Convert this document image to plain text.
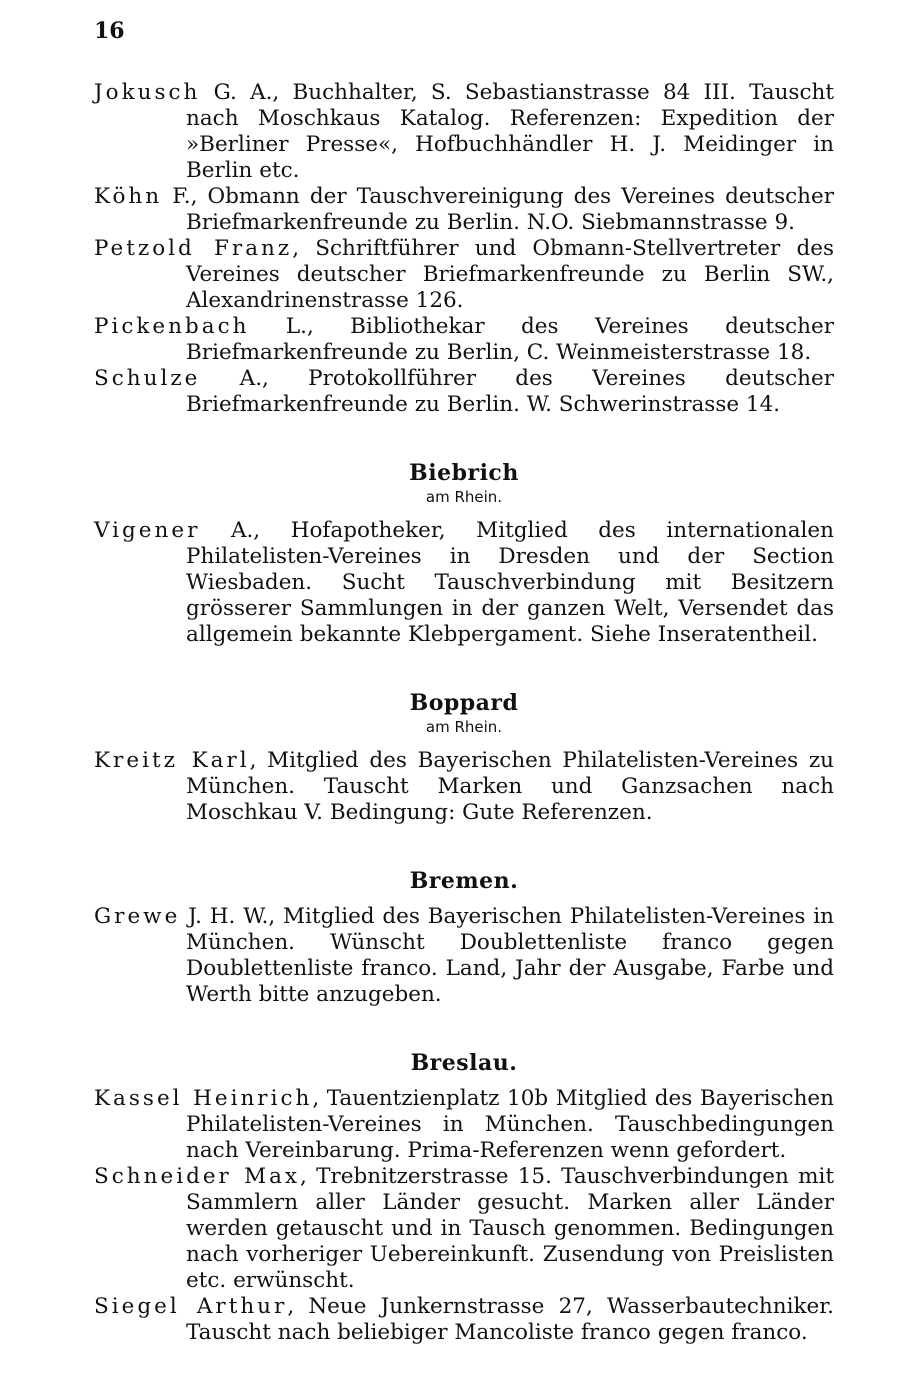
16

Jokusch G. A., Buchhalter, S. Sebastianstrasse 84 III. Tauscht nach Moschkaus Katalog. Referenzen: Expedition der »Berliner Presse«, Hofbuchhändler H. J. Meidinger in Berlin etc.

Köhn F., Obmann der Tauschvereinigung des Vereines deutscher Briefmarkenfreunde zu Berlin. N.O. Siebmannstrasse 9.

Petzold Franz, Schriftführer und Obmann-Stellvertreter des Vereines deutscher Briefmarkenfreunde zu Berlin SW., Alexandrinenstrasse 126.

Pickenbach L., Bibliothekar des Vereines deutscher Briefmarkenfreunde zu Berlin, C. Weinmeisterstrasse 18.

Schulze A., Protokollführer des Vereines deutscher Briefmarkenfreunde zu Berlin. W. Schwerinstrasse 14.

Biebrich
am Rhein.

Vigener A., Hofapotheker, Mitglied des internationalen Philatelisten-Vereines in Dresden und der Section Wiesbaden. Sucht Tauschverbindung mit Besitzern grösserer Sammlungen in der ganzen Welt, Versendet das allgemein bekannte Klebpergament. Siehe Inseratentheil.

Boppard
am Rhein.

Kreitz Karl, Mitglied des Bayerischen Philatelisten-Vereines zu München. Tauscht Marken und Ganzsachen nach Moschkau V. Bedingung: Gute Referenzen.

Bremen.

Grewe J. H. W., Mitglied des Bayerischen Philatelisten-Vereines in München. Wünscht Doublettenliste franco gegen Doublettenliste franco. Land, Jahr der Ausgabe, Farbe und Werth bitte anzugeben.

Breslau.

Kassel Heinrich, Tauentzienplatz 10b Mitglied des Bayerischen Philatelisten-Vereines in München. Tauschbedingungen nach Vereinbarung. Prima-Referenzen wenn gefordert.

Schneider Max, Trebnitzerstrasse 15. Tauschverbindungen mit Sammlern aller Länder gesucht. Marken aller Länder werden getauscht und in Tausch genommen. Bedingungen nach vorheriger Uebereinkunft. Zusendung von Preislisten etc. erwünscht.

Siegel Arthur, Neue Junkernstrasse 27, Wasserbautechniker. Tauscht nach beliebiger Mancoliste franco gegen franco.
